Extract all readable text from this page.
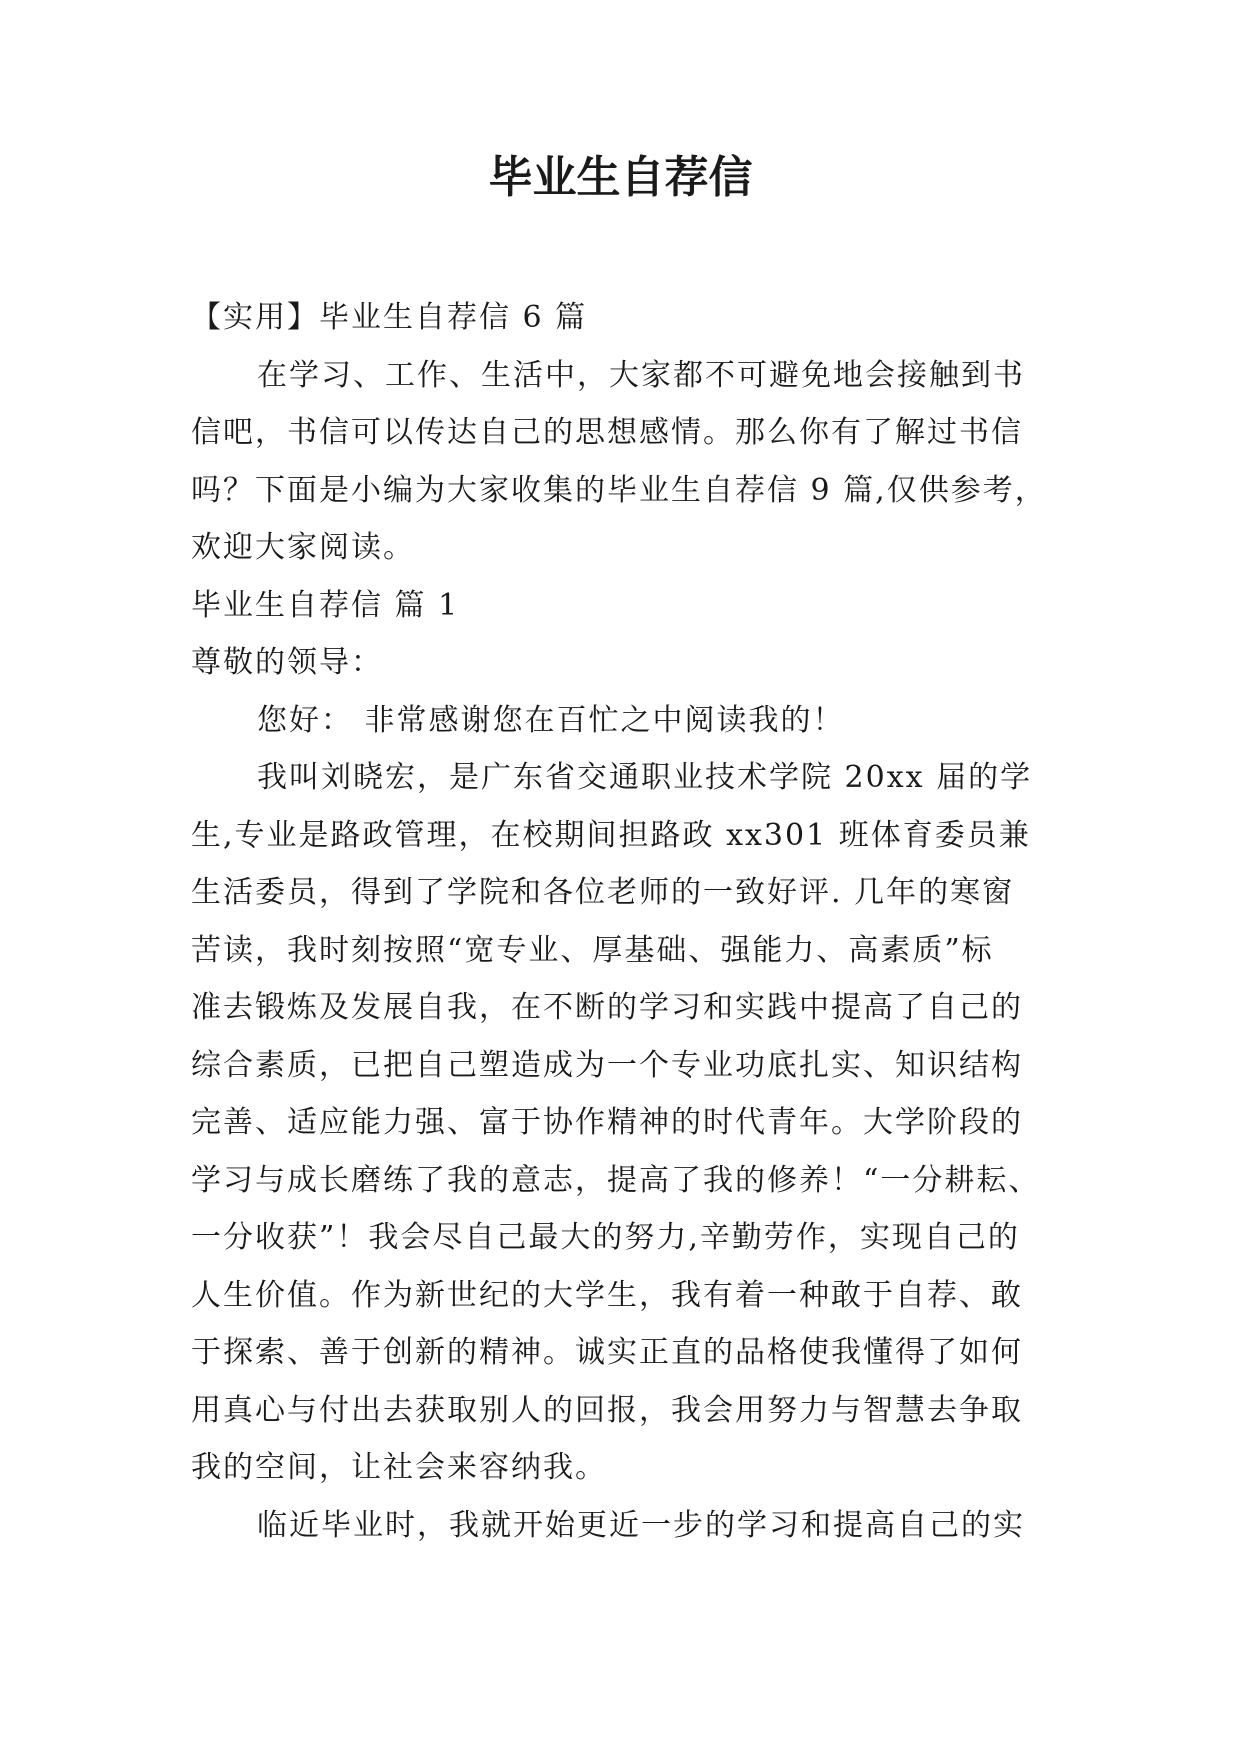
毕业生自荐信
【实用】毕业生自荐信 6 篇
在学习、工作、生活中，大家都不可避免地会接触到书
信吧，书信可以传达自己的思想感情。那么你有了解过书信
吗？下面是小编为大家收集的毕业生自荐信 9 篇,仅供参考，
欢迎大家阅读。
毕业生自荐信 篇 1
尊敬的领导：
您好： 非常感谢您在百忙之中阅读我的！
我叫刘晓宏，是广东省交通职业技术学院 20xx 届的学
生,专业是路政管理，在校期间担路政 xx301 班体育委员兼
生活委员，得到了学院和各位老师的一致好评. 几年的寒窗
苦读，我时刻按照“宽专业、厚基础、强能力、高素质”标
准去锻炼及发展自我，在不断的学习和实践中提高了自己的
综合素质，已把自己塑造成为一个专业功底扎实、知识结构
完善、适应能力强、富于协作精神的时代青年。大学阶段的
学习与成长磨练了我的意志，提高了我的修养！“一分耕耘、
一分收获”！我会尽自己最大的努力,辛勤劳作，实现自己的
人生价值。作为新世纪的大学生，我有着一种敢于自荐、敢
于探索、善于创新的精神。诚实正直的品格使我懂得了如何
用真心与付出去获取别人的回报，我会用努力与智慧去争取
我的空间，让社会来容纳我。
临近毕业时，我就开始更近一步的学习和提高自己的实
